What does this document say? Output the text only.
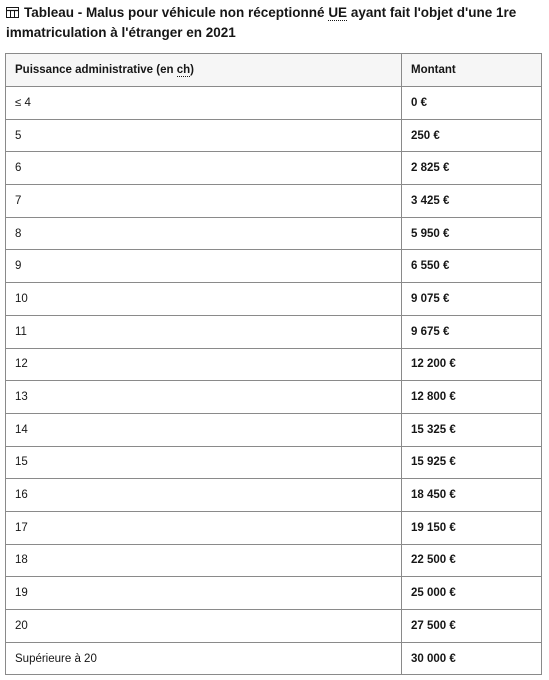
Tableau - Malus pour véhicule non réceptionné UE ayant fait l'objet d'une 1re immatriculation à l'étranger en 2021
Puissance administrative (en ch)	Montant
≤ 4	0 €
5	250 €
6	2 825 €
7	3 425 €
8	5 950 €
9	6 550 €
10	9 075 €
11	9 675 €
12	12 200 €
13	12 800 €
14	15 325 €
15	15 925 €
16	18 450 €
17	19 150 €
18	22 500 €
19	25 000 €
20	27 500 €
Supérieure à 20	30 000 €
